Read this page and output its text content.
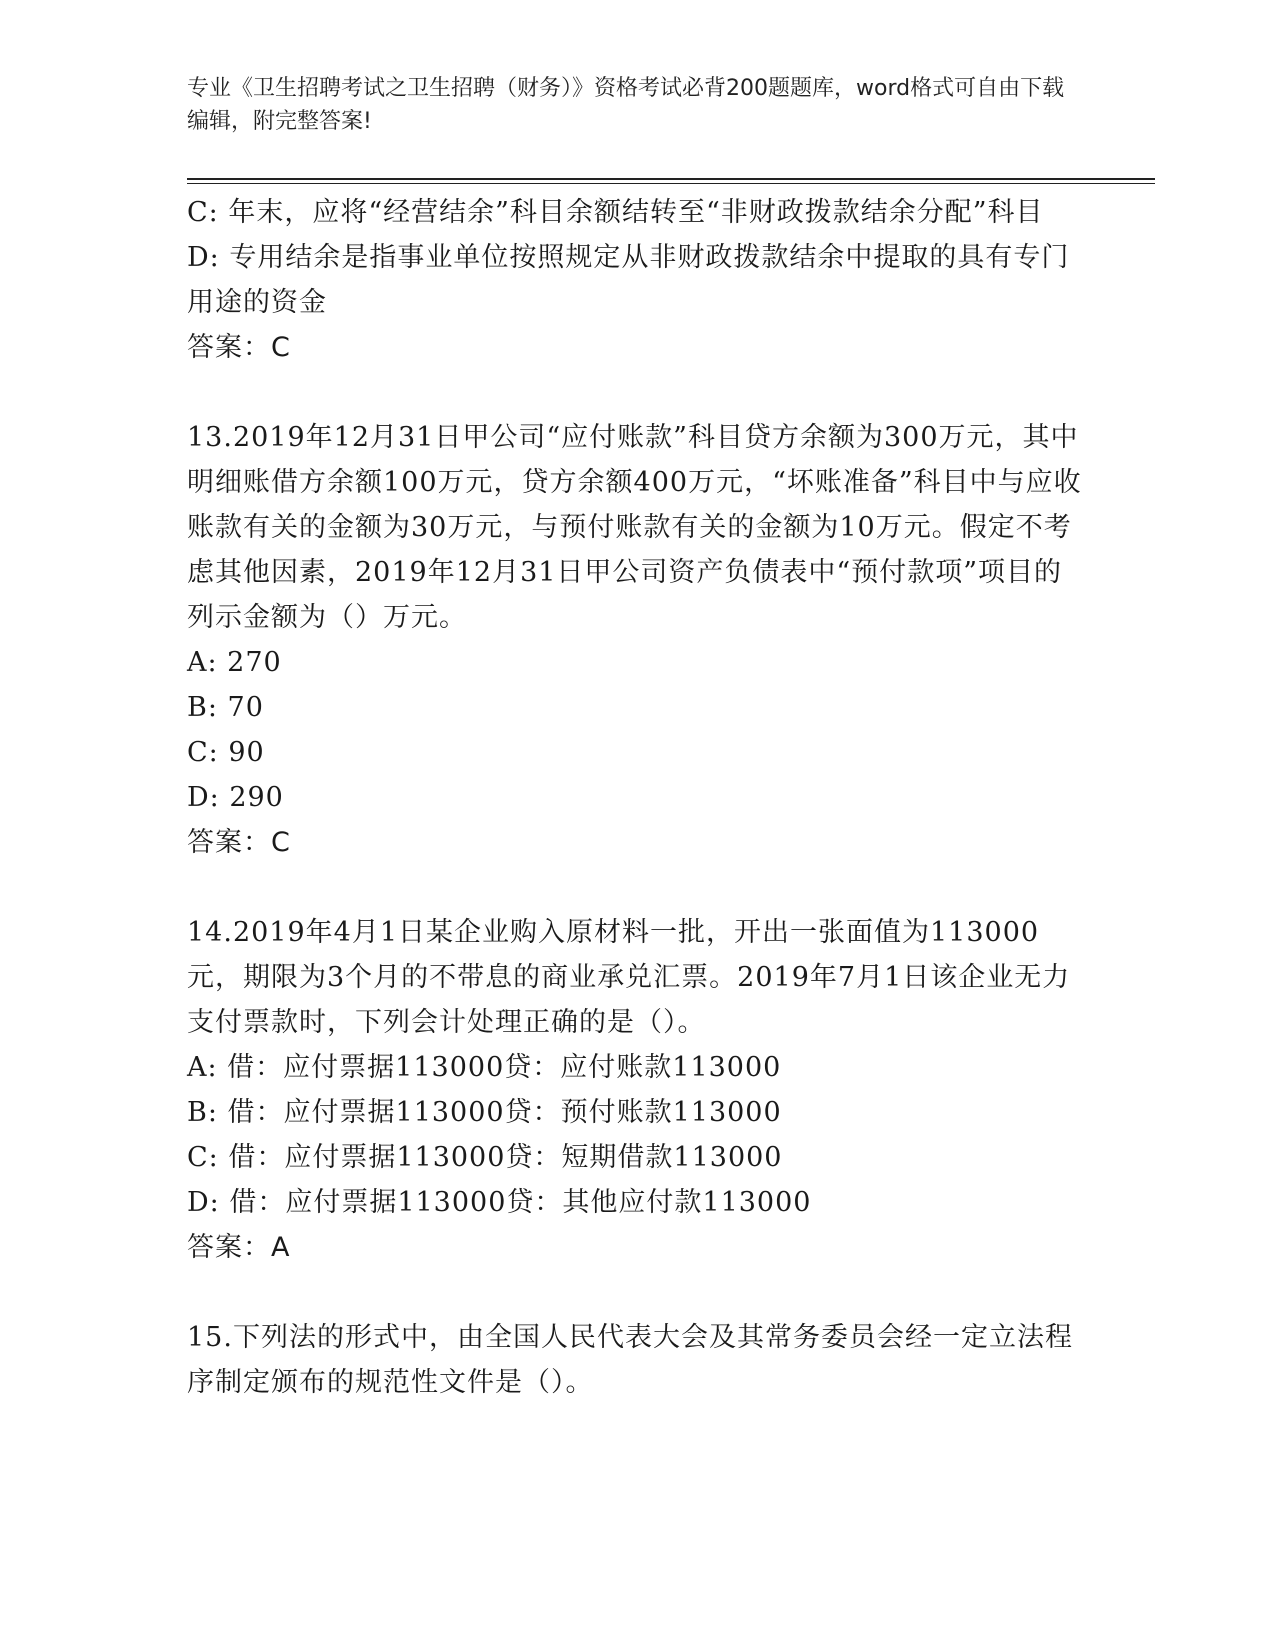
专业《卫生招聘考试之卫生招聘（财务）》资格考试必背200题题库，word格式可自由下载编辑，附完整答案!

C: 年末，应将“经营结余”科目余额结转至“非财政拨款结余分配”科目

D: 专用结余是指事业单位按照规定从非财政拨款结余中提取的具有专门用途的资金

答案：C

13.2019年12月31日甲公司“应付账款”科目贷方余额为300万元，其中明细账借方余额100万元，贷方余额400万元，“坏账准备”科目中与应收账款有关的金额为30万元，与预付账款有关的金额为10万元。假定不考虑其他因素，2019年12月31日甲公司资产负债表中“预付款项”项目的列示金额为（）万元。

A: 270

B: 70

C: 90

D: 290

答案：C

14.2019年4月1日某企业购入原材料一批，开出一张面值为113000元，期限为3个月的不带息的商业承兑汇票。2019年7月1日该企业无力支付票款时，下列会计处理正确的是（）。

A: 借：应付票据113000贷：应付账款113000

B: 借：应付票据113000贷：预付账款113000

C: 借：应付票据113000贷：短期借款113000

D: 借：应付票据113000贷：其他应付款113000

答案：A

15.下列法的形式中，由全国人民代表大会及其常务委员会经一定立法程序制定颁布的规范性文件是（）。
